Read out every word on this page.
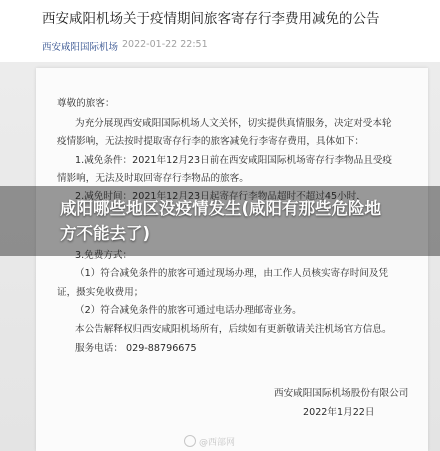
西安咸阳机场关于疫情期间旅客寄存行李费用减免的公告
西安咸阳国际机场 2022-01-22 22:51
尊敬的旅客：
为充分展现西安咸阳国际机场人文关怀，切实提供真情服务，决定对受本轮
疫情影响，无法按时提取寄存行李的旅客减免行李寄存费用，具体如下：
1.减免条件：2021年12月23日前在西安咸阳国际机场寄存行李物品且受疫
情影响，无法及时取回寄存行李物品的旅客。
2.减免时间：2021年12月23日起寄存行李物品超时不超过45小时，
3.免费方式：
（1）符合减免条件的旅客可通过现场办理，由工作人员核实寄存时间及凭
证，摄实免收费用；
（2）符合减免条件的旅客可通过电话办理邮寄业务。
本公告解释权归西安咸阳机场所有，后续如有更新敬请关注机场官方信息。
服务电话： 029-88796675
西安咸阳国际机场股份有限公司
2022年1月22日
咸阳哪些地区没疫情发生(咸阳有那些危险地方不能去了)
@西部网
